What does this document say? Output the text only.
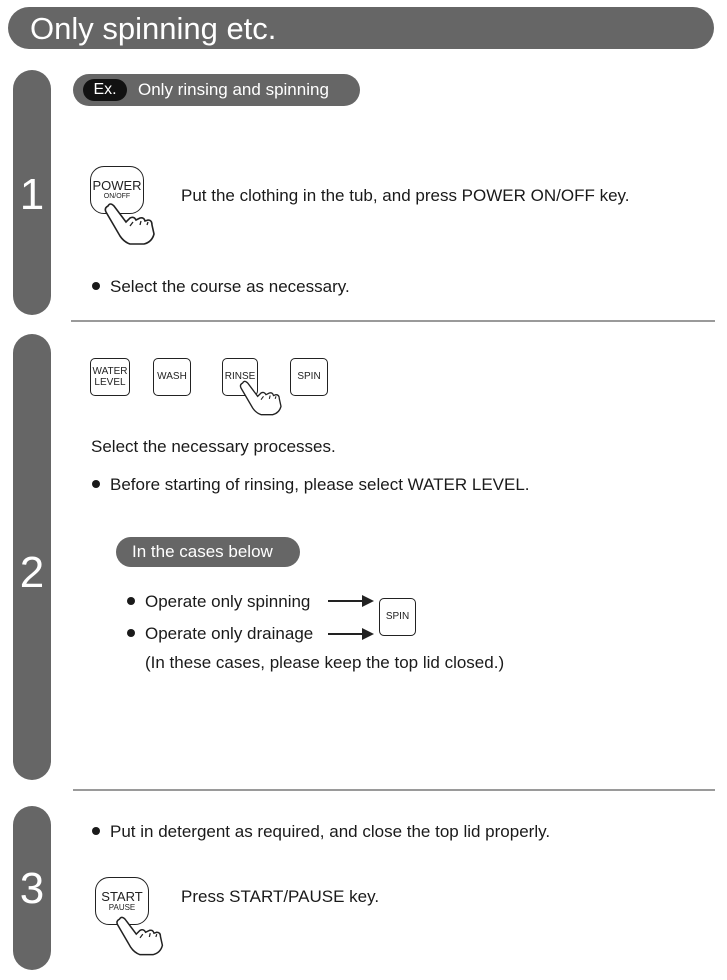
Only spinning etc.
1
Ex.	Only rinsing and spinning
POWER
ON/OFF	Put the clothing in the tub, and press POWER ON/OFF key.
Select the course as necessary.
2
WATER
LEVEL
WASH	RINSE	SPIN
Select the necessary processes.
Before starting of rinsing, please select WATER LEVEL.
In the cases below
Operate only spinning
Operate only drainage
SPIN
(In these cases, please keep the top lid closed.)
3
Put in detergent as required, and close the top lid properly.
START
PAUSE
Press START/PAUSE key.
